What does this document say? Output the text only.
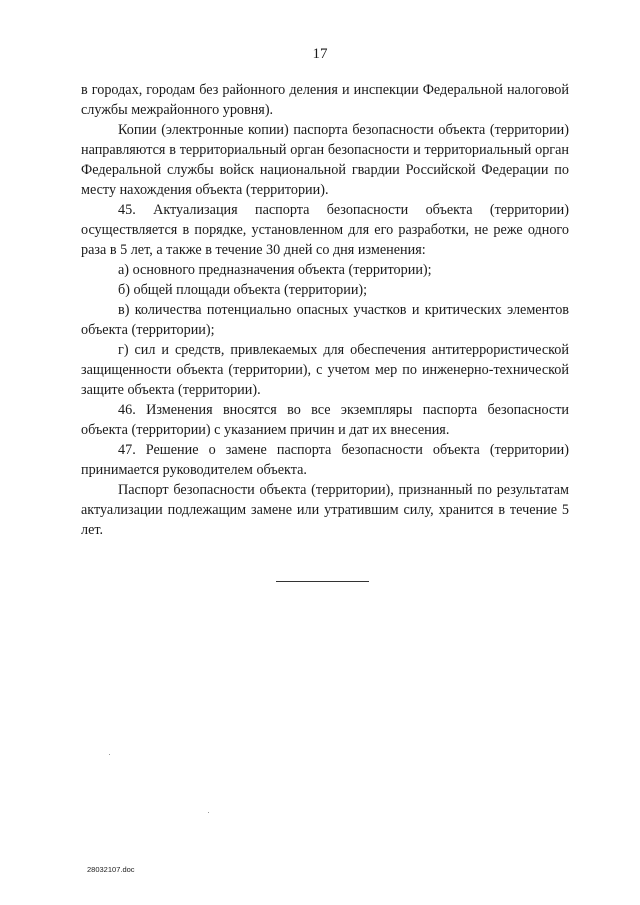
17

в городах, городам без районного деления и инспекции Федеральной налоговой службы межрайонного уровня).

Копии (электронные копии) паспорта безопасности объекта (территории) направляются в территориальный орган безопасности и территориальный орган Федеральной службы войск национальной гвардии Российской Федерации по месту нахождения объекта (территории).

45. Актуализация паспорта безопасности объекта (территории) осуществляется в порядке, установленном для его разработки, не реже одного раза в 5 лет, а также в течение 30 дней со дня изменения:

а) основного предназначения объекта (территории);

б) общей площади объекта (территории);

в) количества потенциально опасных участков и критических элементов объекта (территории);

г) сил и средств, привлекаемых для обеспечения антитеррористической защищенности объекта (территории), с учетом мер по инженерно-технической защите объекта (территории).

46. Изменения вносятся во все экземпляры паспорта безопасности объекта (территории) с указанием причин и дат их внесения.

47. Решение о замене паспорта безопасности объекта (территории) принимается руководителем объекта.

Паспорт безопасности объекта (территории), признанный по результатам актуализации подлежащим замене или утратившим силу, хранится в течение 5 лет.

28032107.doc
